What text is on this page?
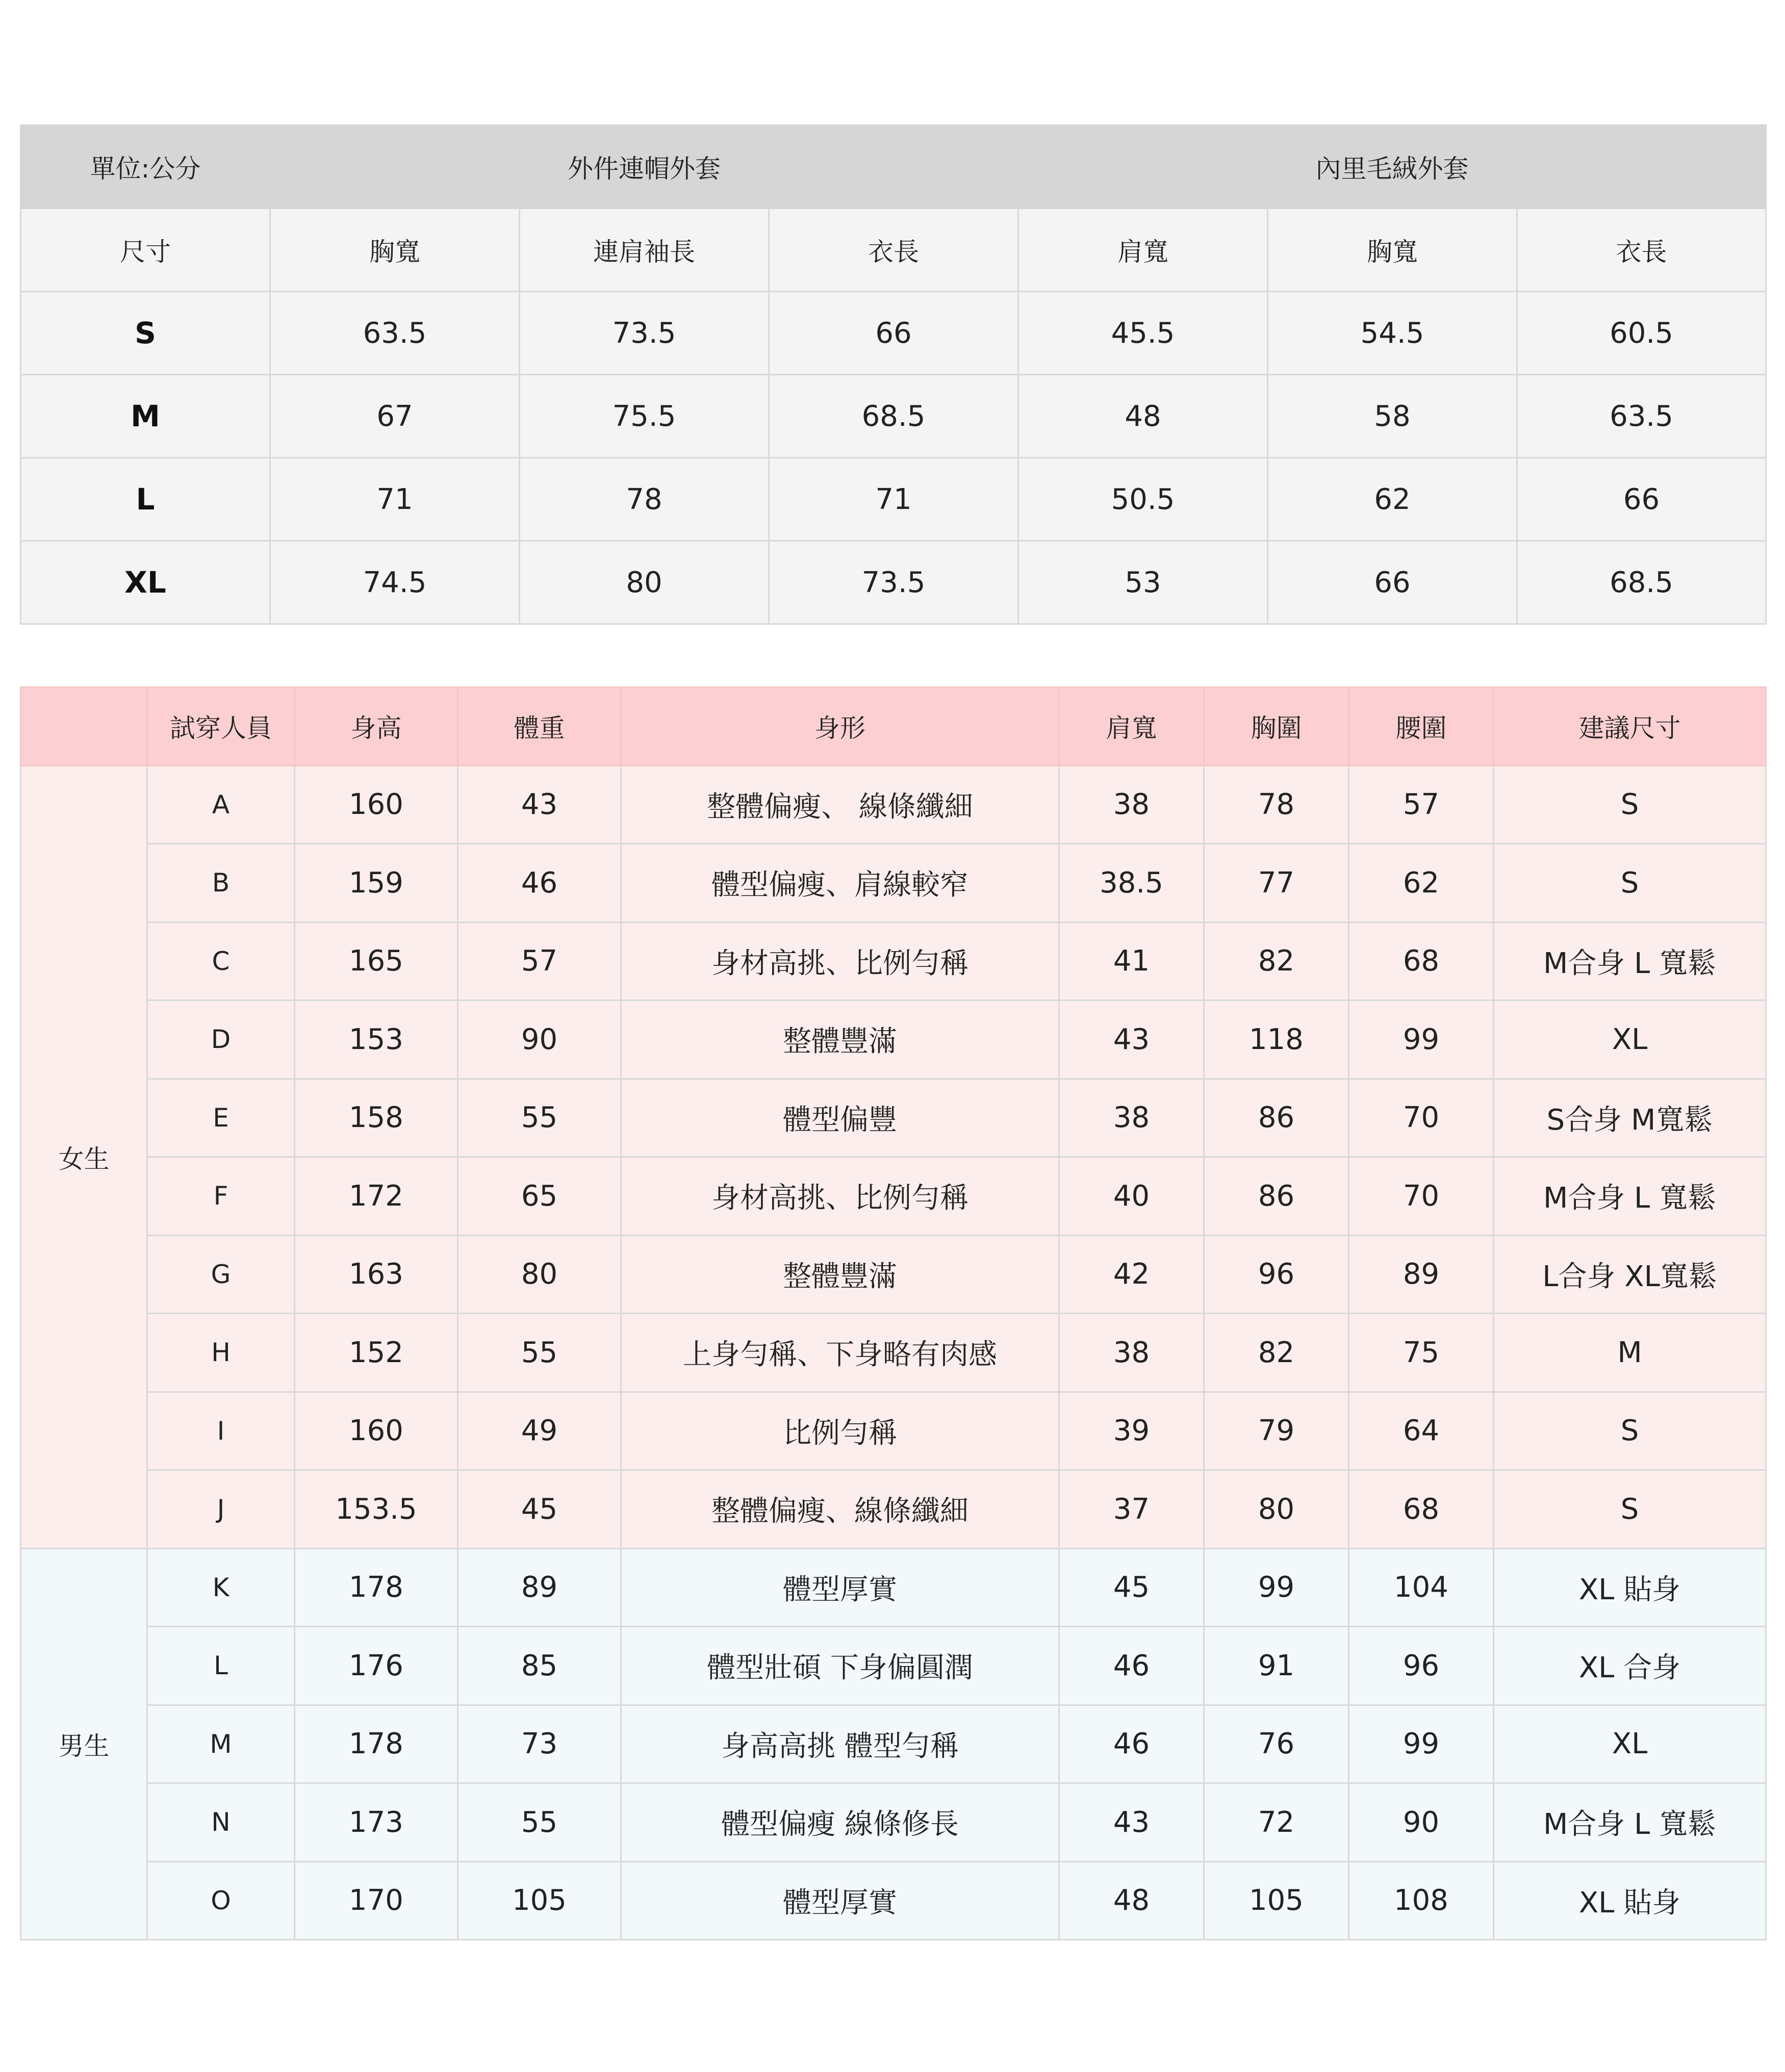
單位:公分	外件連帽外套			內里毛絨外套		
尺寸	胸寬	連肩袖長	衣長	肩寬	胸寬	衣長
S	63.5	73.5	66	45.5	54.5	60.5
M	67	75.5	68.5	48	58	63.5
L	71	78	71	50.5	62	66
XL	74.5	80	73.5	53	66	68.5
	試穿人員	身高	體重	身形	肩寬	胸圍	腰圍	建議尺寸
女生	A	160	43	整體偏瘦、 線條纖細	38	78	57	S
	B	159	46	體型偏瘦、肩線較窄	38.5	77	62	S
	C	165	57	身材高挑、比例勻稱	41	82	68	M合身 L 寬鬆
	D	153	90	整體豐滿	43	118	99	XL
	E	158	55	體型偏豐	38	86	70	S合身 M寬鬆
	F	172	65	身材高挑、比例勻稱	40	86	70	M合身 L 寬鬆
	G	163	80	整體豐滿	42	96	89	L合身 XL寬鬆
	H	152	55	上身勻稱、下身略有肉感	38	82	75	M
	I	160	49	比例勻稱	39	79	64	S
	J	153.5	45	整體偏瘦、線條纖細	37	80	68	S
男生	K	178	89	體型厚實	45	99	104	XL 貼身
	L	176	85	體型壯碩 下身偏圓潤	46	91	96	XL 合身
	M	178	73	身高高挑 體型勻稱	46	76	99	XL
	N	173	55	體型偏瘦 線條修長	43	72	90	M合身 L 寬鬆
	O	170	105	體型厚實	48	105	108	XL 貼身
